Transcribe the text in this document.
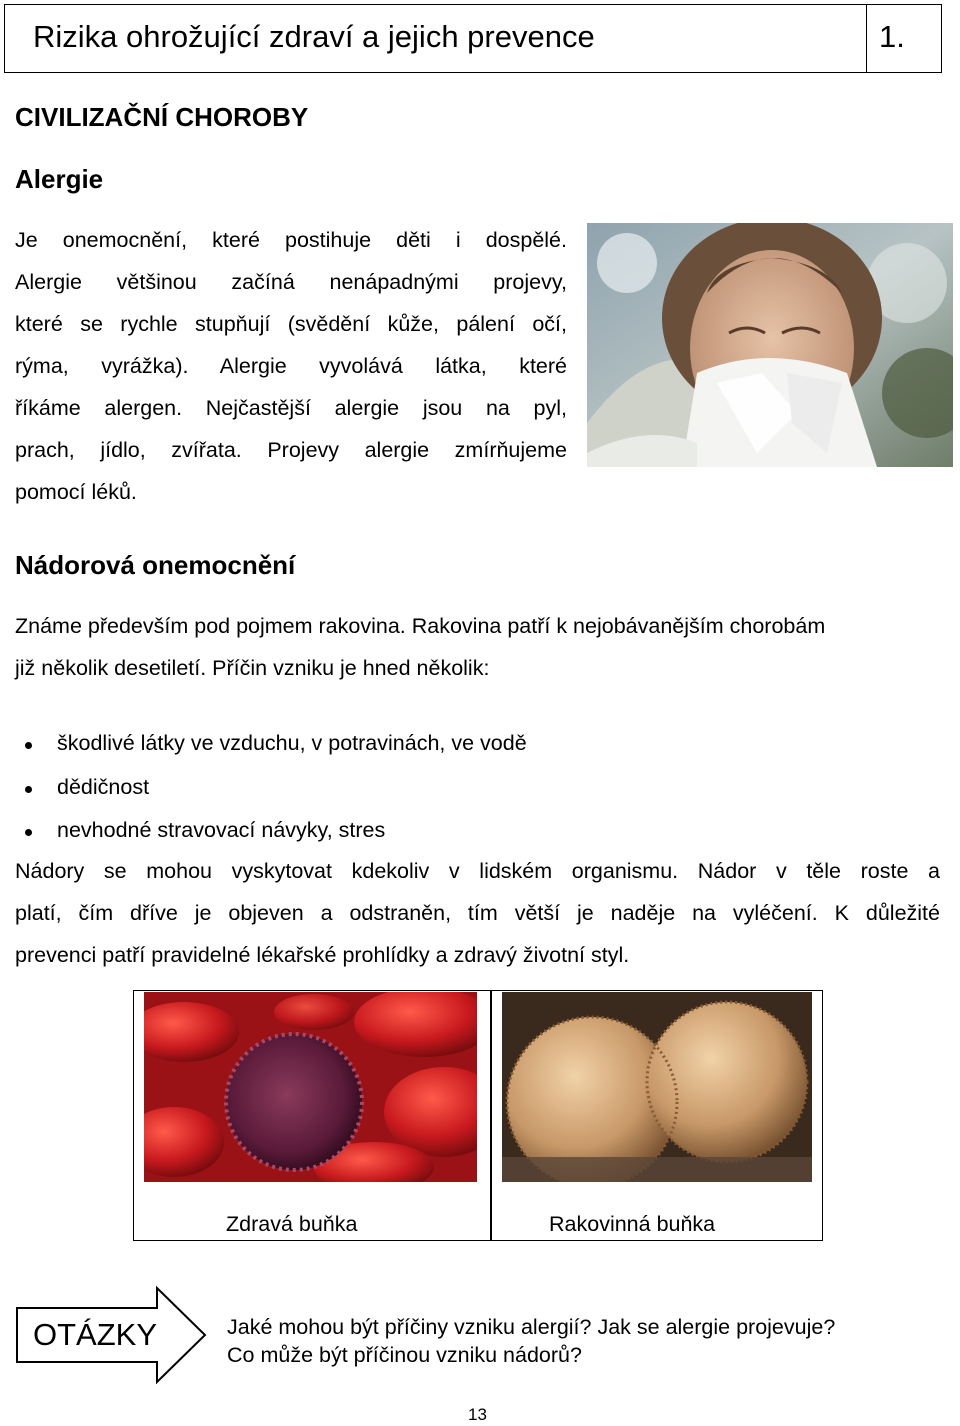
Rizika ohrožující zdraví a jejich prevence	1.
CIVILIZAČNÍ CHOROBY
Alergie
Je onemocnění, které postihuje děti i dospělé.
Alergie většinou začíná nenápadnými projevy,
které se rychle stupňují (svědění kůže, pálení očí,
rýma, vyrážka). Alergie vyvolává látka, které
říkáme alergen. Nejčastější alergie jsou na pyl,
prach, jídlo, zvířata. Projevy alergie zmírňujeme
pomocí léků.
Nádorová onemocnění
Známe především pod pojmem rakovina. Rakovina patří k nejobávanějším chorobám
již několik desetiletí. Příčin vzniku je hned několik:
škodlivé látky ve vzduchu, v potravinách, ve vodě
dědičnost
nevhodné stravovací návyky, stres
Nádory se mohou vyskytovat kdekoliv v lidském organismu. Nádor v těle roste a
platí, čím dříve je objeven a odstraněn, tím větší je naděje na vyléčení. K důležité
prevenci patří pravidelné lékařské prohlídky a zdravý životní styl.
Zdravá buňka	Rakovinná buňka
OTÁZKY	Jaké mohou být příčiny vzniku alergií? Jak se alergie projevuje?
Co může být příčinou vzniku nádorů?
13
